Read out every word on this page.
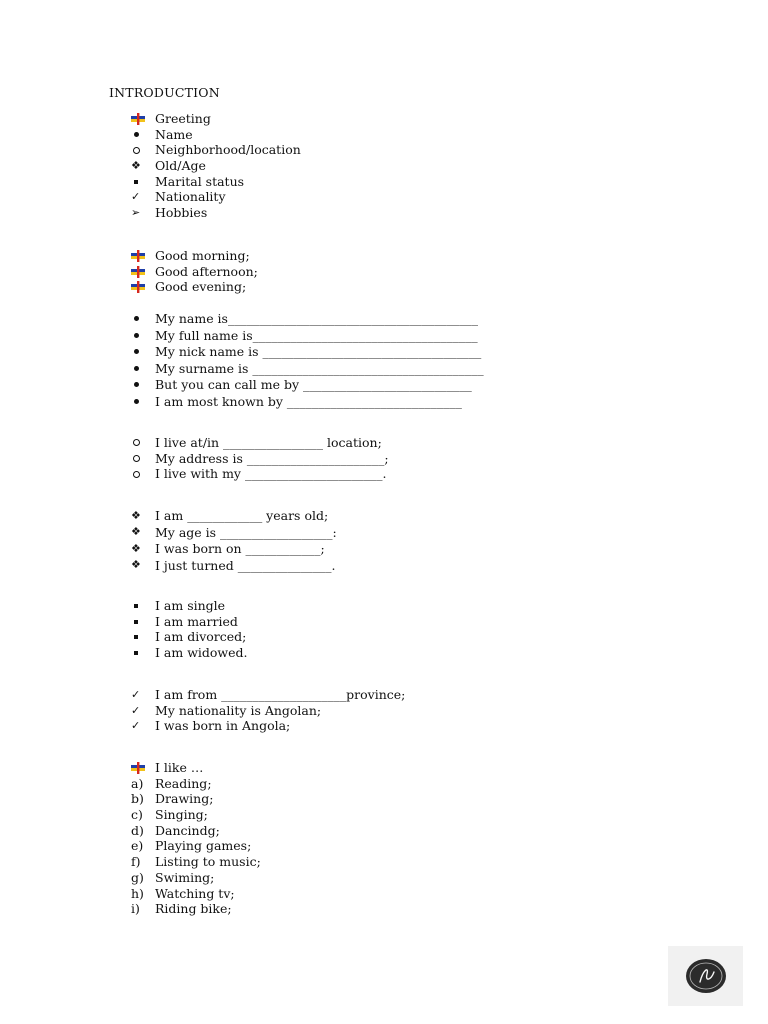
INTRODUCTION
Greeting
Name
Neighborhood/location
❖	Old/Age
Marital status
✓	Nationality
➢	Hobbies
Good morning;
Good afternoon;
Good evening;
My name is________________________________________
My full name is____________________________________
My nick name is ___________________________________
My surname is _____________________________________
But you can call me by ___________________________
I am most known by ____________________________
I live at/in ________________ location;
My address is ______________________;
I live with my ______________________.
❖	I am ____________ years old;
❖	My age is __________________:
❖	I was born on ____________;
❖	I just turned _______________.
I am single
I am married
I am divorced;
I am widowed.
✓	I am from ____________________province;
✓	My nationality is Angolan;
✓	I was born in Angola;
I like …
a) Reading;
b) Drawing;
c) Singing;
d) Dancindg;
e) Playing games;
f)	Listing to music;
g) Swiming;
h) Watching tv;
i)	Riding bike;
